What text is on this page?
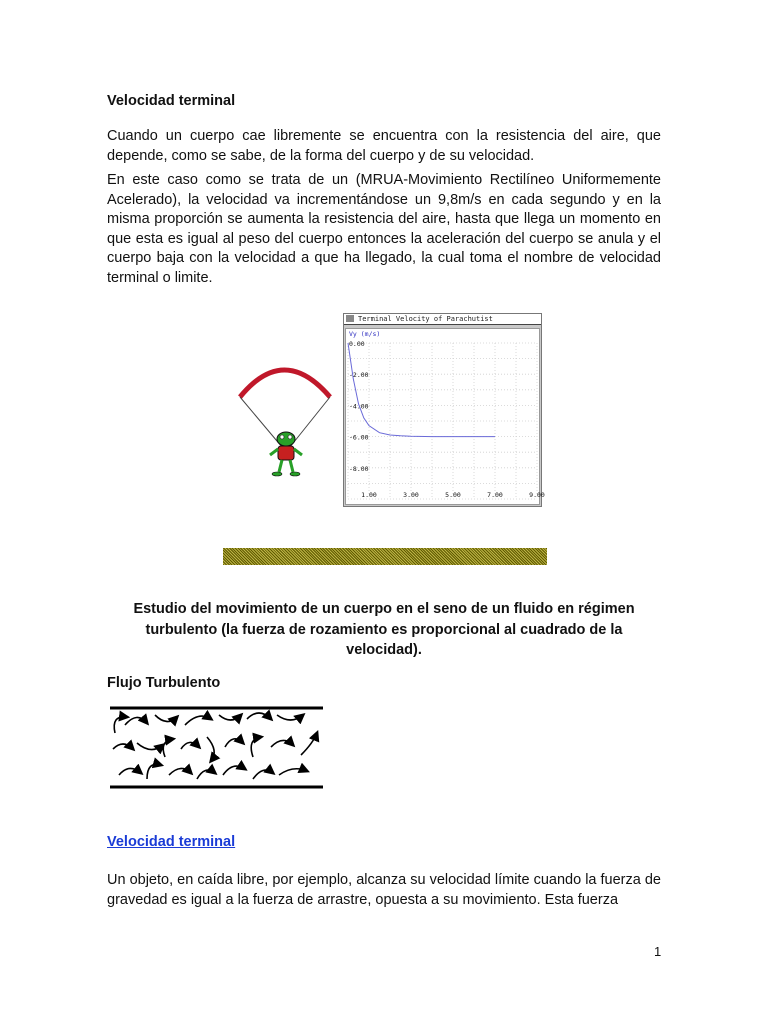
Velocidad terminal
Cuando un cuerpo cae libremente se encuentra con la resistencia del aire, que depende, como se sabe, de la forma del cuerpo y de su velocidad.
En este caso como se trata de un (MRUA-Movimiento Rectilíneo Uniformemente Acelerado), la velocidad va incrementándose un 9,8m/s en cada segundo y en la misma proporción se aumenta la resistencia del aire, hasta que llega un momento en que esta es igual al peso del cuerpo entonces la aceleración del cuerpo se anula y el cuerpo baja con la velocidad a que ha llegado, la cual toma el nombre de velocidad terminal o limite.
Terminal Velocity of Parachutist
Vy (m/s)
0.00
-2.00
-4.00
-6.00
-8.00
1.00	3.00	5.00	7.00	9.00
Estudio del movimiento de un cuerpo en el seno de un fluido en régimen turbulento (la fuerza de rozamiento es proporcional al cuadrado de la velocidad).
Flujo Turbulento
Velocidad terminal
Un objeto, en caída libre, por ejemplo, alcanza su velocidad límite cuando la fuerza de gravedad es igual a la fuerza de arrastre, opuesta a su movimiento. Esta fuerza
1
